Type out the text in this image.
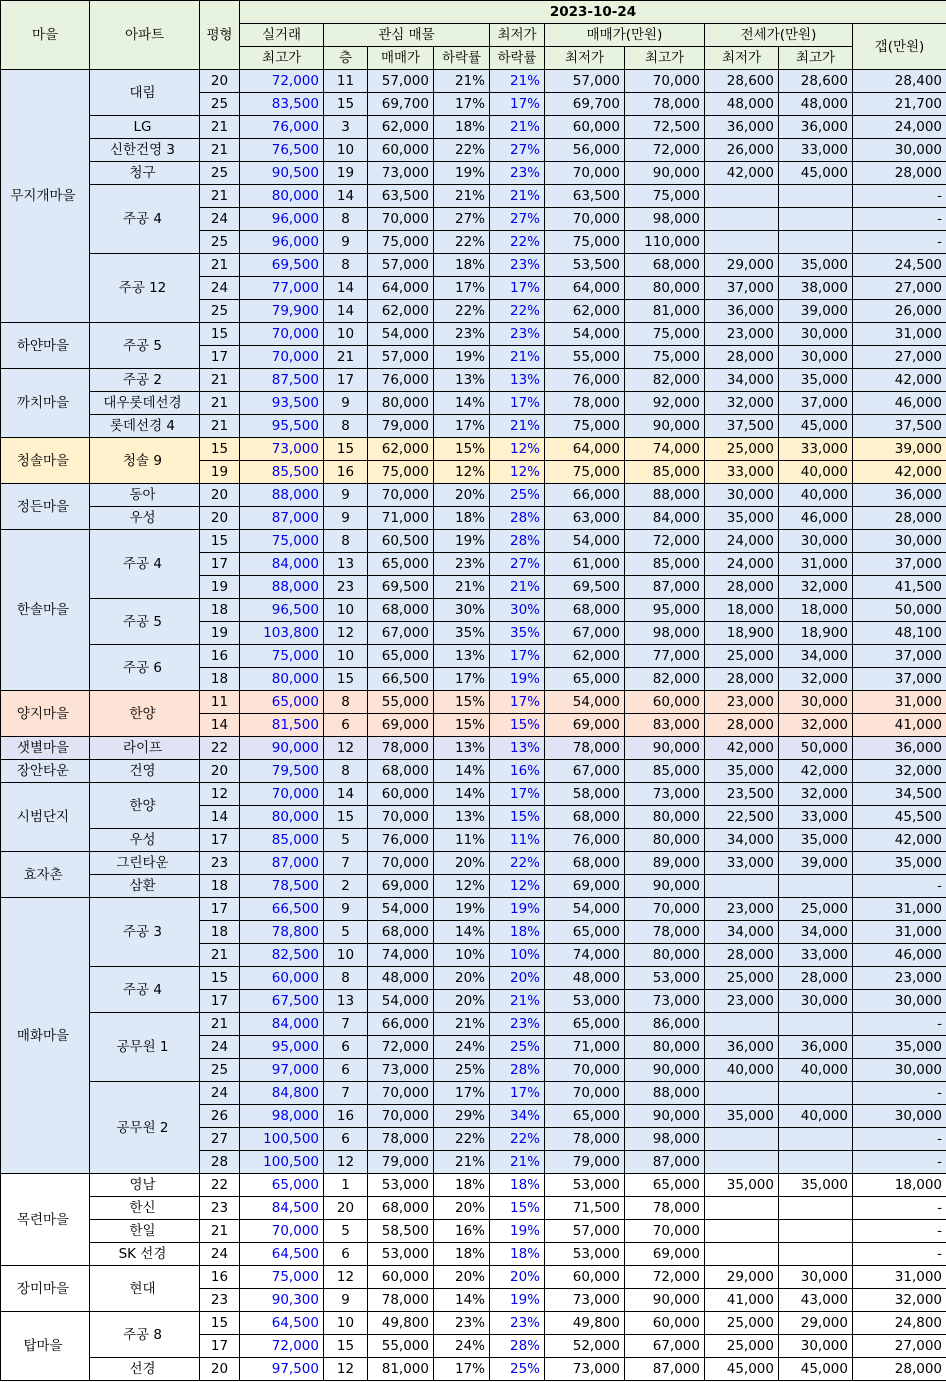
마을	아파트	평형	2023-10-24									
			실거래	관심 매물			최저가	매매가(만원)		전세가(만원)		갭(만원)
			최고가	층	매매가	하락률	하락률	최저가	최고가	최저가	최고가	
무지개마을	대림	20	72,000	11	57,000	21%	21%	57,000	70,000	28,600	28,600	28,400
		25	83,500	15	69,700	17%	17%	69,700	78,000	48,000	48,000	21,700
	LG	21	76,000	3	62,000	18%	21%	60,000	72,500	36,000	36,000	24,000
	신한건영 3	21	76,500	10	60,000	22%	27%	56,000	72,000	26,000	33,000	30,000
	청구	25	90,500	19	73,000	19%	23%	70,000	90,000	42,000	45,000	28,000
	주공 4	21	80,000	14	63,500	21%	21%	63,500	75,000			-
		24	96,000	8	70,000	27%	27%	70,000	98,000			-
		25	96,000	9	75,000	22%	22%	75,000	110,000			-
	주공 12	21	69,500	8	57,000	18%	23%	53,500	68,000	29,000	35,000	24,500
		24	77,000	14	64,000	17%	17%	64,000	80,000	37,000	38,000	27,000
		25	79,900	14	62,000	22%	22%	62,000	81,000	36,000	39,000	26,000
하얀마을	주공 5	15	70,000	10	54,000	23%	23%	54,000	75,000	23,000	30,000	31,000
		17	70,000	21	57,000	19%	21%	55,000	75,000	28,000	30,000	27,000
까치마을	주공 2	21	87,500	17	76,000	13%	13%	76,000	82,000	34,000	35,000	42,000
	대우롯데선경	21	93,500	9	80,000	14%	17%	78,000	92,000	32,000	37,000	46,000
	롯데선경 4	21	95,500	8	79,000	17%	21%	75,000	90,000	37,500	45,000	37,500
청솔마을	청솔 9	15	73,000	15	62,000	15%	12%	64,000	74,000	25,000	33,000	39,000
		19	85,500	16	75,000	12%	12%	75,000	85,000	33,000	40,000	42,000
정든마을	동아	20	88,000	9	70,000	20%	25%	66,000	88,000	30,000	40,000	36,000
	우성	20	87,000	9	71,000	18%	28%	63,000	84,000	35,000	46,000	28,000
한솔마을	주공 4	15	75,000	8	60,500	19%	28%	54,000	72,000	24,000	30,000	30,000
		17	84,000	13	65,000	23%	27%	61,000	85,000	24,000	31,000	37,000
		19	88,000	23	69,500	21%	21%	69,500	87,000	28,000	32,000	41,500
	주공 5	18	96,500	10	68,000	30%	30%	68,000	95,000	18,000	18,000	50,000
		19	103,800	12	67,000	35%	35%	67,000	98,000	18,900	18,900	48,100
	주공 6	16	75,000	10	65,000	13%	17%	62,000	77,000	25,000	34,000	37,000
		18	80,000	15	66,500	17%	19%	65,000	82,000	28,000	32,000	37,000
양지마을	한양	11	65,000	8	55,000	15%	17%	54,000	60,000	23,000	30,000	31,000
		14	81,500	6	69,000	15%	15%	69,000	83,000	28,000	32,000	41,000
샛별마을	라이프	22	90,000	12	78,000	13%	13%	78,000	90,000	42,000	50,000	36,000
장안타운	건영	20	79,500	8	68,000	14%	16%	67,000	85,000	35,000	42,000	32,000
시범단지	한양	12	70,000	14	60,000	14%	17%	58,000	73,000	23,500	32,000	34,500
		14	80,000	15	70,000	13%	15%	68,000	80,000	22,500	33,000	45,500
	우성	17	85,000	5	76,000	11%	11%	76,000	80,000	34,000	35,000	42,000
효자촌	그린타운	23	87,000	7	70,000	20%	22%	68,000	89,000	33,000	39,000	35,000
	삼환	18	78,500	2	69,000	12%	12%	69,000	90,000			-
매화마을	주공 3	17	66,500	9	54,000	19%	19%	54,000	70,000	23,000	25,000	31,000
		18	78,800	5	68,000	14%	18%	65,000	78,000	34,000	34,000	31,000
		21	82,500	10	74,000	10%	10%	74,000	80,000	28,000	33,000	46,000
	주공 4	15	60,000	8	48,000	20%	20%	48,000	53,000	25,000	28,000	23,000
		17	67,500	13	54,000	20%	21%	53,000	73,000	23,000	30,000	30,000
	공무원 1	21	84,000	7	66,000	21%	23%	65,000	86,000			-
		24	95,000	6	72,000	24%	25%	71,000	80,000	36,000	36,000	35,000
		25	97,000	6	73,000	25%	28%	70,000	90,000	40,000	40,000	30,000
	공무원 2	24	84,800	7	70,000	17%	17%	70,000	88,000			-
		26	98,000	16	70,000	29%	34%	65,000	90,000	35,000	40,000	30,000
		27	100,500	6	78,000	22%	22%	78,000	98,000			-
		28	100,500	12	79,000	21%	21%	79,000	87,000			-
목련마을	영남	22	65,000	1	53,000	18%	18%	53,000	65,000	35,000	35,000	18,000
	한신	23	84,500	20	68,000	20%	15%	71,500	78,000			-
	한일	21	70,000	5	58,500	16%	19%	57,000	70,000			-
	SK 선경	24	64,500	6	53,000	18%	18%	53,000	69,000			-
장미마을	현대	16	75,000	12	60,000	20%	20%	60,000	72,000	29,000	30,000	31,000
		23	90,300	9	78,000	14%	19%	73,000	90,000	41,000	43,000	32,000
탑마을	주공 8	15	64,500	10	49,800	23%	23%	49,800	60,000	25,000	29,000	24,800
		17	72,000	15	55,000	24%	28%	52,000	67,000	25,000	30,000	27,000
	선경	20	97,500	12	81,000	17%	25%	73,000	87,000	45,000	45,000	28,000
